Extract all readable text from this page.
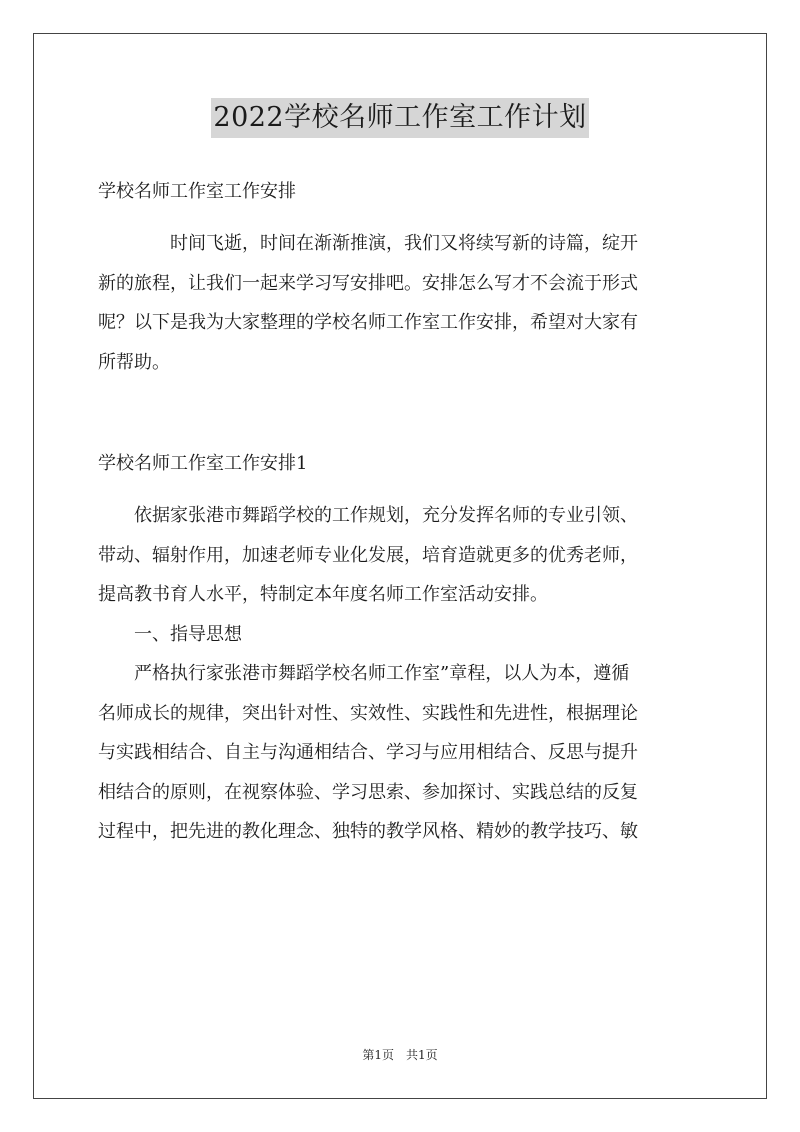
2022学校名师工作室工作计划
学校名师工作室工作安排
　　　　时间飞逝，时间在渐渐推演，我们又将续写新的诗篇，绽开
新的旅程，让我们一起来学习写安排吧。安排怎么写才不会流于形式
呢？以下是我为大家整理的学校名师工作室工作安排，希望对大家有
所帮助。
学校名师工作室工作安排1
　　依据家张港市舞蹈学校的工作规划，充分发挥名师的专业引领、
带动、辐射作用，加速老师专业化发展，培育造就更多的优秀老师，
提高教书育人水平，特制定本年度名师工作室活动安排。
　　一、指导思想
　　严格执行家张港市舞蹈学校名师工作室”章程，以人为本，遵循
名师成长的规律，突出针对性、实效性、实践性和先进性，根据理论
与实践相结合、自主与沟通相结合、学习与应用相结合、反思与提升
相结合的原则，在视察体验、学习思索、参加探讨、实践总结的反复
过程中，把先进的教化理念、独特的教学风格、精妙的教学技巧、敏
第1页　共1页
